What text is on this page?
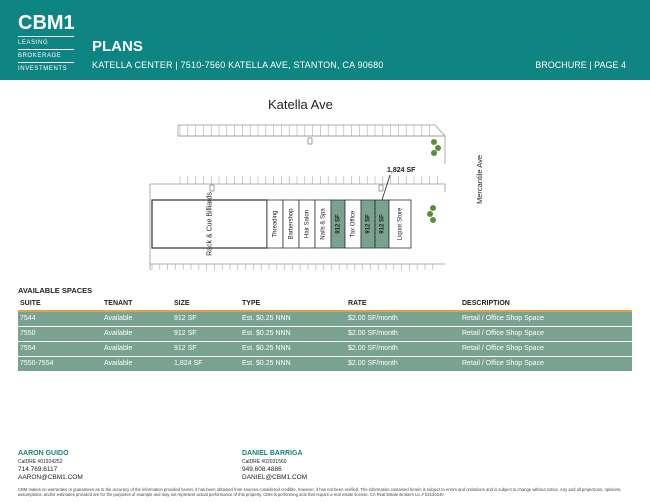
CBM1
LEASING
BROKERAGE
INVESTMENTS
PLANS
KATELLA CENTER | 7510-7560 KATELLA AVE, STANTON, CA 90680	BROCHURE | PAGE 4
Katella Ave
Mercantile Ave
1,824 SF
Rack & Cue Billiards	Threading Barbershop Hair Salon Nails & Spa 912 SF Tax Office 912 SF 912 SF Liquor Store
AVAILABLE SPACES
SUITE	TENANT	SIZE	TYPE	RATE	DESCRIPTION
7544	Available	912 SF	Est. $0.25 NNN	$2.00 SF/month	Retail / Office Shop Space
7550	Available	912 SF	Est. $0.25 NNN	$2.00 SF/month	Retail / Office Shop Space
7554	Available	912 SF	Est. $0.25 NNN	$2.00 SF/month	Retail / Office Shop Space
7550-7554	Available	1,824 SF	Est. $0.25 NNN	$2.00 SF/month	Retail / Office Shop Space
AARON GUIDO
CalDRE #01924252
714.769.6117
AARON@CBM1.COM
DANIEL BARRIGA
CalDRE #02031560
949.608.4886
DANIEL@CBM1.COM
CBM makes no warranties or guarantees as to the accuracy of the information provided herein, it has been obtained from sources considered credible, however, it has not been verified. The information contained herein is subject to errors and omissions and is subject to change without notice. Any and all projections, opinions, assumptions, and/or estimates provided are for the purposes of example and may not represent actual performance of this property. CBM is performing acts that require a real estate license. CA Real Estate Brokers Lic.# 02130240
